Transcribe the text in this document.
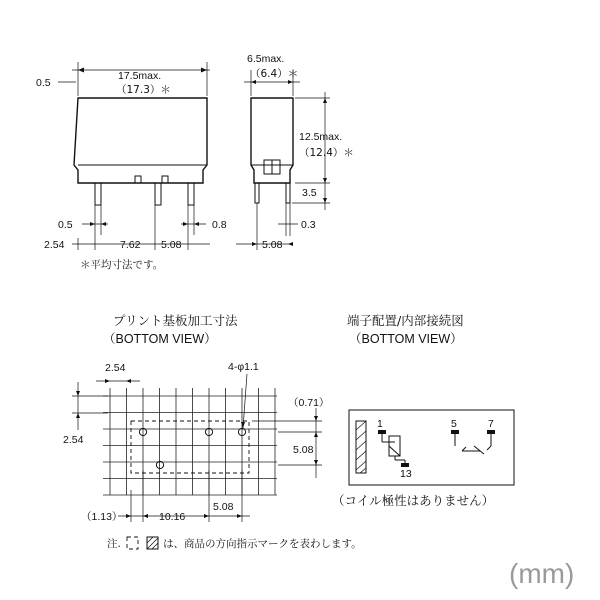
0.5
17.5max.
（17.3）＊
0.5	0.8
2.54	7.62 5.08
＊平均寸法です。
6.5max.
（6.4）＊
12.5max.
（12.4）＊
3.5
0.3
5.08
プリント基板加工寸法
（BOTTOM VIEW）
4-φ1.1
2.54
2.54
（0.71）
5.08
（1.13）	10.16
5.08
端子配置/内部接続図
（BOTTOM VIEW）
1
13
5	7
（コイル極性はありません）
注.	は、商品の方向指示マークを表わします。
(mm)
